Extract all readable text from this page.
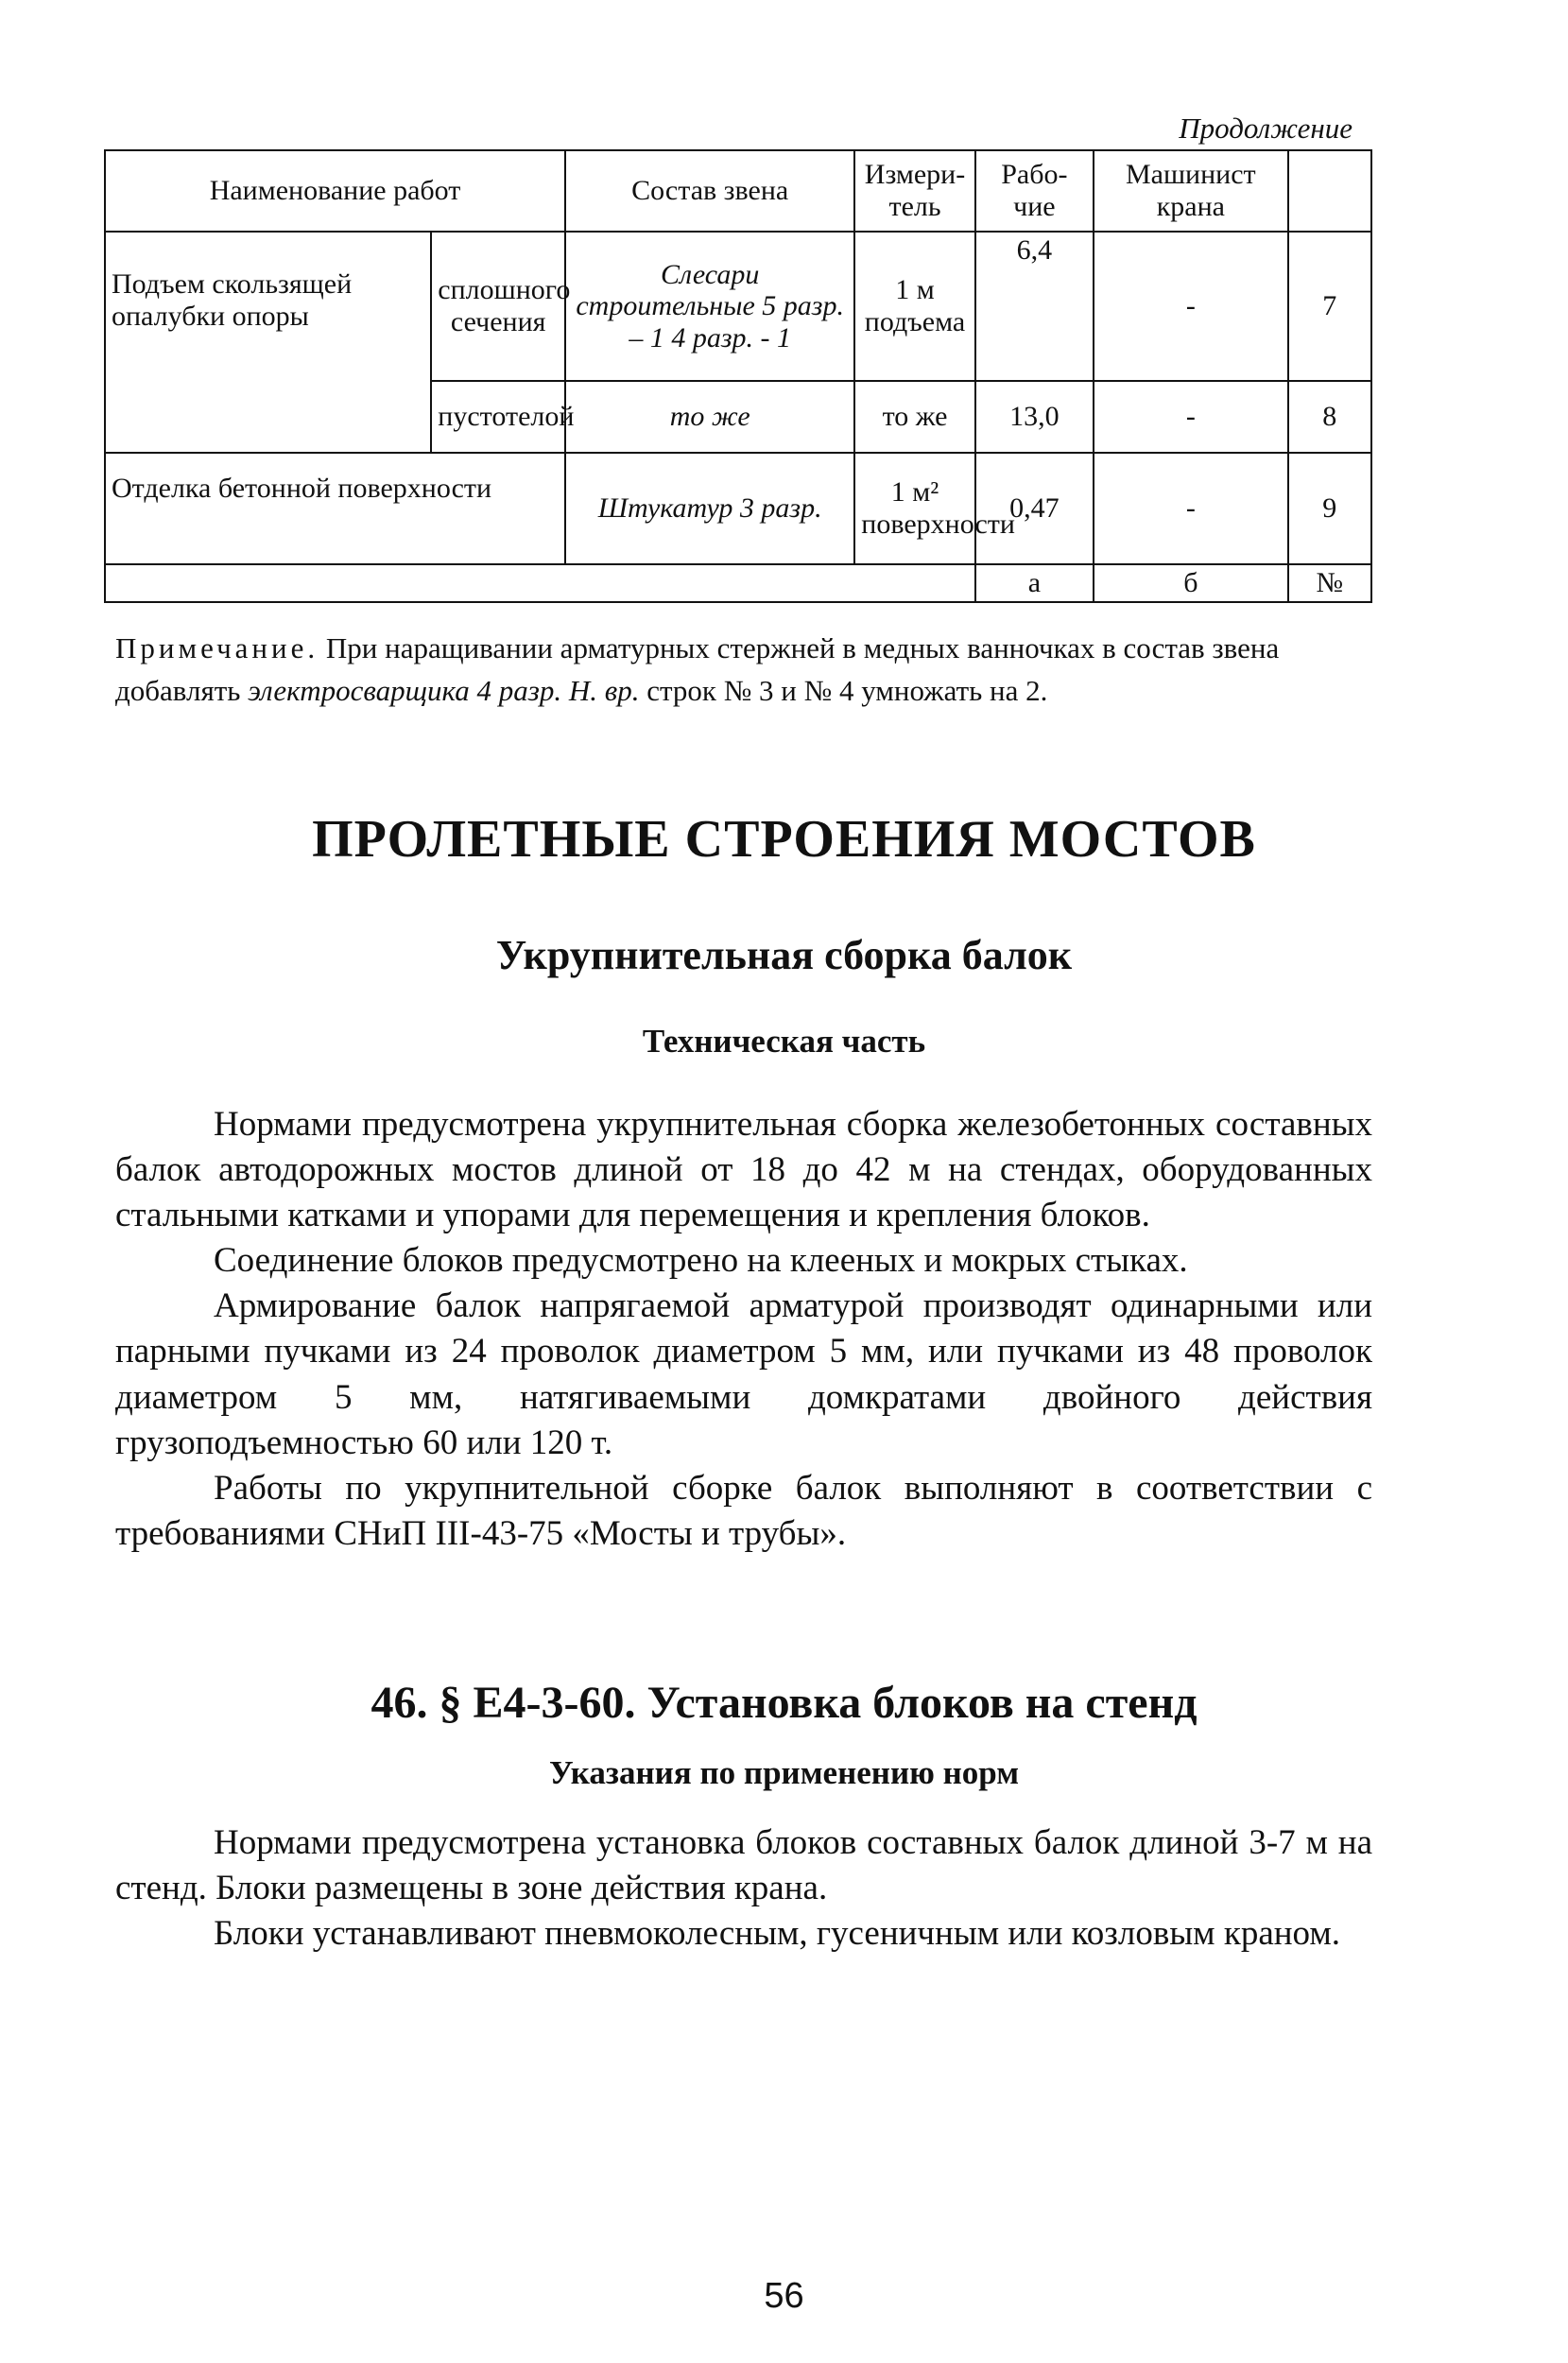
Продолжение
Наименование работ		Состав звена	Измери-тель	Рабо-чие	Машинист крана	
Подъем скользящей опалубки опоры	сплошного сечения	Слесари строительные 5 разр. – 1 4 разр. - 1	1 м подъема	6,4	-	7
	пустотелой	то же	то же	13,0	-	8
Отделка бетонной поверхности		Штукатур 3 разр.	1 м² поверхности	0,47	-	9
				а	б	№
Примечание. При наращивании арматурных стержней в медных ванночках в состав звена добавлять электросварщика 4 разр. Н. вр. строк № 3 и № 4 умножать на 2.
ПРОЛЕТНЫЕ СТРОЕНИЯ МОСТОВ
Укрупнительная сборка балок
Техническая часть

Нормами предусмотрена укрупнительная сборка железобетонных составных балок автодорожных мостов длиной от 18 до 42 м на стендах, оборудованных стальными катками и упорами для перемещения и крепления блоков.

Соединение блоков предусмотрено на клееных и мокрых стыках.

Армирование балок напрягаемой арматурой производят одинарными или парными пучками из 24 проволок диаметром 5 мм, или пучками из 48 проволок диаметром 5 мм, натягиваемыми домкратами двойного действия грузоподъемностью 60 или 120 т.

Работы по укрупнительной сборке балок выполняют в соответствии с требованиями СНиП III-43-75 «Мосты и трубы».

46. § Е4-3-60. Установка блоков на стенд
Указания по применению норм

Нормами предусмотрена установка блоков составных балок длиной 3-7 м на стенд. Блоки размещены в зоне действия крана.

Блоки устанавливают пневмоколесным, гусеничным или козловым краном.

56
